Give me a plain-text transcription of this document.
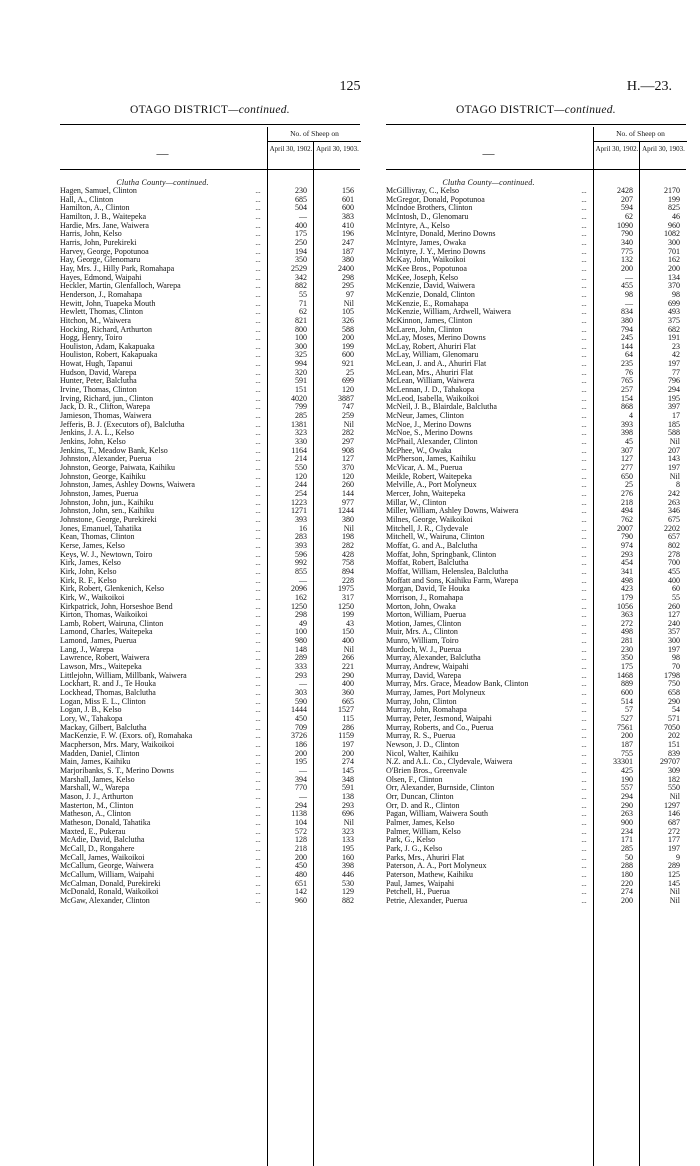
125	H.—23.
OTAGO DISTRICT—continued.
—
No. of Sheep on
April 30, 1902. April 30, 1903.
Clutha County—continued.
Hagen, Samuel, Clinton	...	230	156
Hall, A., Clinton	...	685	601
Hamilton, A., Clinton	...	504	600
Hamilton, J. B., Waitepeka	...	—	383
Hardie, Mrs. Jane, Waiwera	...	400	410
Harris, John, Kelso	...	175	196
Harris, John, Purekireki	...	250	247
Harvey, George, Popotunoa	...	194	187
Hay, George, Glenomaru	...	350	380
Hay, Mrs. J., Hilly Park, Romahapa	...	2529	2400
Hayes, Edmond, Waipahi	...	342	298
Heckler, Martin, Glenfalloch, Warepa	...	882	295
Henderson, J., Romahapa	...	55	97
Hewitt, John, Tuapeka Mouth	...	71	Nil
Hewlett, Thomas, Clinton	...	62	105
Hitchon, M., Waiwera	...	821	326
Hocking, Richard, Arthurton	...	800	588
Hogg, Henry, Toiro	...	100	200
Houliston, Adam, Kakapuaka	...	300	199
Houliston, Robert, Kakapuaka	...	325	600
Howat, Hugh, Tapanui	...	994	921
Hudson, David, Warepa	...	320	25
Hunter, Peter, Balclutha	...	591	699
Irvine, Thomas, Clinton	...	151	120
Irving, Richard, jun., Clinton	...	4020	3887
Jack, D. R., Clifton, Warepa	...	799	747
Jamieson, Thomas, Waiwera	...	285	259
Jefferis, B. J. (Executors of), Balclutha	...	1381	Nil
Jenkins, J. A. L., Kelso	...	323	282
Jenkins, John, Kelso	...	330	297
Jenkins, T., Meadow Bank, Kelso	...	1164	908
Johnston, Alexander, Puerua	...	214	127
Johnston, George, Paiwata, Kaihiku	...	550	370
Johnston, George, Kaihiku	...	120	120
Johnston, James, Ashley Downs, Waiwera	...	244	260
Johnston, James, Puerua	...	254	144
Johnston, John, jun., Kaihiku	...	1223	977
Johnston, John, sen., Kaihiku	...	1271	1244
Johnstone, George, Purekireki	...	393	380
Jones, Emanuel, Tahatika	...	16	Nil
Kean, Thomas, Clinton	...	283	198
Kerse, James, Kelso	...	393	282
Keys, W. J., Newtown, Toiro	...	596	428
Kirk, James, Kelso	...	992	758
Kirk, John, Kelso	...	855	894
Kirk, R. F., Kelso	...	—	228
Kirk, Robert, Glenkenich, Kelso	...	2096	1975
Kirk, W., Waikoikoi	...	162	317
Kirkpatrick, John, Horseshoe Bend	...	1250	1250
Kirton, Thomas, Waikoikoi	...	298	199
Lamb, Robert, Wairuna, Clinton	...	49	43
Lamond, Charles, Waitepeka	...	100	150
Lamond, James, Puerua	...	980	400
Lang, J., Warepa	...	148	Nil
Lawrence, Robert, Waiwera	...	289	266
Lawson, Mrs., Waitepeka	...	333	221
Littlejohn, William, Millbank, Waiwera	...	293	290
Lockhart, R. and J., Te Houka	...	—	400
Lockhead, Thomas, Balclutha	...	303	360
Logan, Miss E. L., Clinton	...	590	665
Logan, J. B., Kelso	...	1444	1527
Lory, W., Tahakopa	...	450	115
Mackay, Gilbert, Balclutha	...	709	286
MacKenzie, F. W. (Exors. of), Romahaka	...	3726	1159
Macpherson, Mrs. Mary, Waikoikoi	...	186	197
Madden, Daniel, Clinton	...	200	200
Main, James, Kaihiku	...	195	274
Marjoribanks, S. T., Merino Downs	...	—	145
Marshall, James, Kelso	...	394	348
Marshall, W., Warepa	...	770	591
Mason, J. J., Arthurton	...	—	138
Masterton, M., Clinton	...	294	293
Matheson, A., Clinton	...	1138	696
Matheson, Donald, Tahatika	...	104	Nil
Maxted, E., Pukerau	...	572	323
McAdie, David, Balclutha	...	128	133
McCall, D., Rongahere	...	218	195
McCall, James, Waikoikoi	...	200	160
McCallum, George, Waiwera	...	450	398
McCallum, William, Waipahi	...	480	446
McCalman, Donald, Purekireki	...	651	530
McDonald, Ronald, Waikoikoi	...	142	129
McGaw, Alexander, Clinton	...	960	882
OTAGO DISTRICT—continued.
—
No. of Sheep on
April 30, 1902. April 30, 1903.
Clutha County—continued.
McGillivray, C., Kelso	...	2428	2170
McGregor, Donald, Popotunoa	...	207	199
McIndoe Brothers, Clinton	...	594	825
McIntosh, D., Glenomaru	...	62	46
McIntyre, A., Kelso	...	1090	960
McIntyre, Donald, Merino Downs	...	790	1082
McIntyre, James, Owaka	...	340	300
McIntyre, J. Y., Merino Downs	...	775	701
McKay, John, Waikoikoi	...	132	162
McKee Bros., Popotunoa	...	200	200
McKee, Joseph, Kelso	...	—	134
McKenzie, David, Waiwera	...	455	370
McKenzie, Donald, Clinton	...	98	98
McKenzie, E., Romahapa	...	—	699
McKenzie, William, Ardwell, Waiwera	...	834	493
McKinnon, James, Clinton	...	380	375
McLaren, John, Clinton	...	794	682
McLay, Moses, Merino Downs	...	245	191
McLay, Robert, Ahuriri Flat	...	144	23
McLay, William, Glenomaru	...	64	42
McLean, J. and A., Ahuriri Flat	...	235	197
McLean, Mrs., Ahuriri Flat	...	76	77
McLean, William, Waiwera	...	765	796
McLennan, J. D., Tahakopa	...	257	294
McLeod, Isabella, Waikoikoi	...	154	195
McNeil, J. B., Blairdale, Balclutha	...	868	397
McNeur, James, Clinton	...	4	17
McNoe, J., Merino Downs	...	393	185
McNoe, S., Merino Downs	...	398	588
McPhail, Alexander, Clinton	...	45	Nil
McPhee, W., Owaka	...	307	207
McPherson, James, Kaihiku	...	127	143
McVicar, A. M., Puerua	...	277	197
Meikle, Robert, Waitepeka	...	650	Nil
Melville, A., Port Molyneux	...	25	8
Mercer, John, Waitepeka	...	276	242
Millar, W., Clinton	...	218	263
Miller, William, Ashley Downs, Waiwera	...	494	346
Milnes, George, Waikoikoi	...	762	675
Mitchell, J. R., Clydevale	...	2007	2202
Mitchell, W., Wairuna, Clinton	...	790	657
Moffat, G. and A., Balclutha	...	974	802
Moffat, John, Springbank, Clinton	...	293	278
Moffat, Robert, Balclutha	...	454	700
Moffat, William, Helenslea, Balclutha	...	341	455
Moffatt and Sons, Kaihiku Farm, Warepa	...	498	400
Morgan, David, Te Houka	...	423	60
Morrison, J., Romahapa	...	179	55
Morton, John, Owaka	...	1056	260
Morton, William, Puerua	...	363	127
Motion, James, Clinton	...	272	240
Muir, Mrs. A., Clinton	...	498	357
Munro, William, Toiro	...	281	300
Murdoch, W. J., Puerua	...	230	197
Murray, Alexander, Balclutha	...	350	98
Murray, Andrew, Waipahi	...	175	70
Murray, David, Warepa	...	1468	1798
Murray, Mrs. Grace, Meadow Bank, Clinton	...	889	750
Murray, James, Port Molyneux	...	600	658
Murray, John, Clinton	...	514	290
Murray, John, Romahapa	...	57	54
Murray, Peter, Jesmond, Waipahi	...	527	571
Murray, Roberts, and Co., Puerua	...	7561	7050
Murray, R. S., Puerua	...	200	202
Newson, J. D., Clinton	...	187	151
Nicol, Walter, Kaihiku	...	755	839
N.Z. and A.L. Co., Clydevale, Waiwera	...	33301	29707
O'Brien Bros., Greenvale	...	425	309
Olsen, F., Clinton	...	190	182
Orr, Alexander, Burnside, Clinton	...	557	550
Orr, Duncan, Clinton	...	294	Nil
Orr, D. and R., Clinton	...	290	1297
Pagan, William, Waiwera South	...	263	146
Palmer, James, Kelso	...	900	687
Palmer, William, Kelso	...	234	272
Park, G., Kelso	...	171	177
Park, J. G., Kelso	...	285	197
Parks, Mrs., Ahuriri Flat	...	50	9
Paterson, A. A., Port Molyneux	...	288	289
Paterson, Mathew, Kaihiku	...	180	125
Paul, James, Waipahi	...	220	145
Petchell, H., Puerua	...	274	Nil
Petrie, Alexander, Puerua	...	200	Nil
